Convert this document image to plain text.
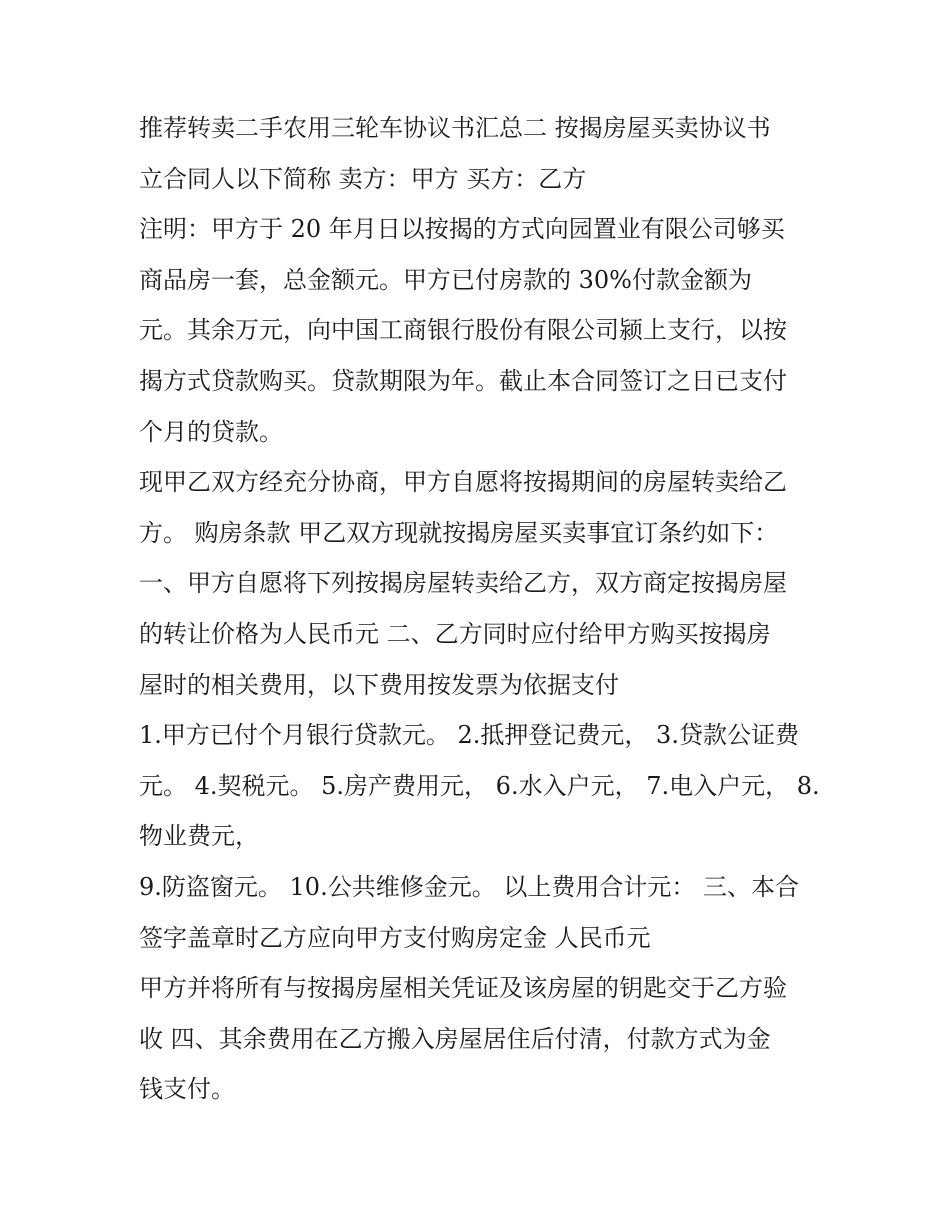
推荐转卖二手农用三轮车协议书汇总二 按揭房屋买卖协议书
立合同人以下简称 卖方：甲方 买方：乙方
注明：甲方于 20 年月日以按揭的方式向园置业有限公司够买
商品房一套，总金额元。甲方已付房款的 30%付款金额为
元。其余万元，向中国工商银行股份有限公司颍上支行，以按
揭方式贷款购买。贷款期限为年。截止本合同签订之日已支付
个月的贷款。
现甲乙双方经充分协商，甲方自愿将按揭期间的房屋转卖给乙
方。 购房条款 甲乙双方现就按揭房屋买卖事宜订条约如下：
一、甲方自愿将下列按揭房屋转卖给乙方，双方商定按揭房屋
的转让价格为人民币元 二、乙方同时应付给甲方购买按揭房
屋时的相关费用，以下费用按发票为依据支付
1.甲方已付个月银行贷款元。 2.抵押登记费元， 3.贷款公证费
元。 4.契税元。 5.房产费用元， 6.水入户元， 7.电入户元， 8.
物业费元，
9.防盗窗元。 10.公共维修金元。 以上费用合计元： 三、本合
签字盖章时乙方应向甲方支付购房定金 人民币元
甲方并将所有与按揭房屋相关凭证及该房屋的钥匙交于乙方验
收 四、其余费用在乙方搬入房屋居住后付清，付款方式为金
钱支付。
